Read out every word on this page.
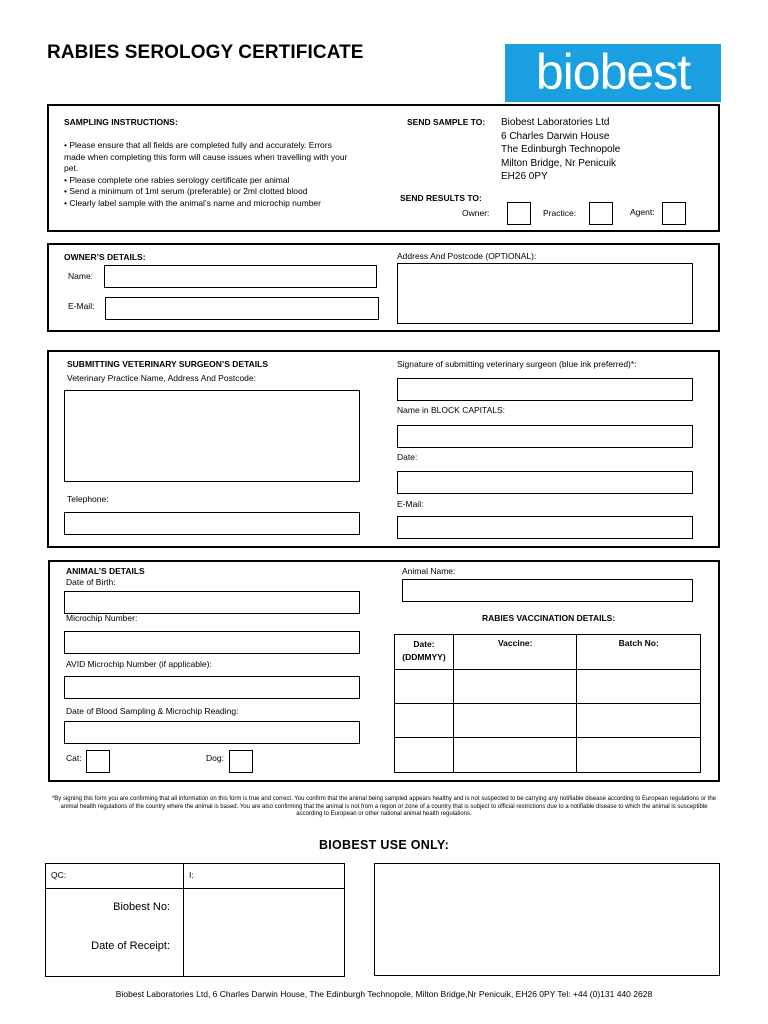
RABIES SEROLOGY CERTIFICATE	biobest
SAMPLING INSTRUCTIONS:
• Please ensure that all fields are completed fully and accurately. Errors made when completing this form will cause issues when travelling with your pet.
• Please complete one rabies serology certificate per animal
• Send a minimum of 1ml serum (preferable) or 2ml clotted blood
• Clearly label sample with the animal’s name and microchip number
SEND SAMPLE TO: Biobest Laboratories Ltd
6 Charles Darwin House
The Edinburgh Technopole
Milton Bridge, Nr Penicuik
EH26 0PY
SEND RESULTS TO:
Owner:	Practice:	Agent:
OWNER’S DETAILS:
Name:
E-Mail:
Address And Postcode (OPTIONAL):
SUBMITTING VETERINARY SURGEON’S DETAILS
Veterinary Practice Name, Address And Postcode:
Telephone:
Signature of submitting veterinary surgeon (blue ink preferred)*:
Name in BLOCK CAPITALS:
Date:
E-Mail:
ANIMAL’S DETAILS
Date of Birth:
Microchip Number:
AVID Microchip Number (if applicable):
Date of Blood Sampling & Microchip Reading:
Cat:	Dog:
Animal Name:
RABIES VACCINATION DETAILS:
Date: (DDMMYY)	Vaccine:	Batch No:

*By signing this form you are confirming that all information on this form is true and correct. You confirm that the animal being sampled appears healthy and is not suspected to be carrying any notifiable disease according to European regulations or the animal health regulations of the country where the animal is based. You are also confirming that the animal is not from a region or zone of a country that is subject to official restrictions due to a notifiable disease to which the animal is susceptible according to European or other national animal health regulations.
BIOBEST USE ONLY:
QC:	I:

Biobest No:
Date of Receipt:	

Biobest Laboratories Ltd, 6 Charles Darwin House, The Edinburgh Technopole, Milton Bridge,Nr Penicuik, EH26 0PY Tel: +44 (0)131 440 2628
